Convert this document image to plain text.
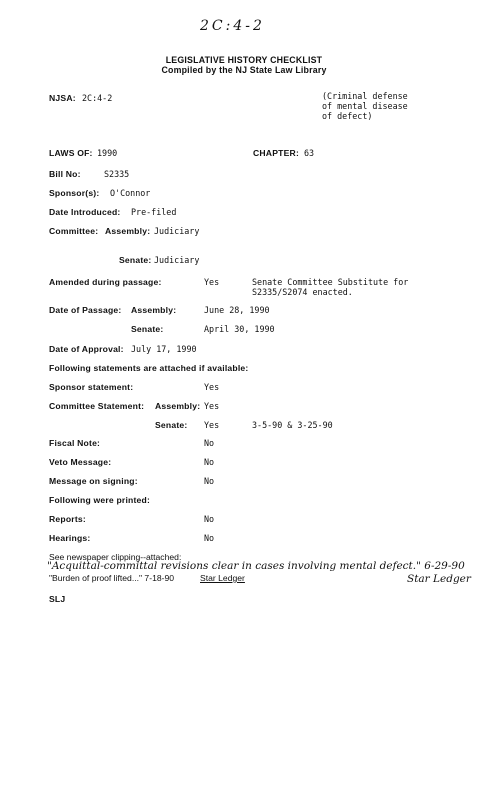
2C:4-2
LEGISLATIVE HISTORY CHECKLIST
Compiled by the NJ State Law Library
NJSA: 2C:4-2	(Criminal defense
of mental disease
of defect)
LAWS OF: 1990	CHAPTER: 63
Bill No:	S2335
Sponsor(s): O'Connor
Date Introduced: Pre-filed
Committee: Assembly: Judiciary
Senate: Judiciary
Amended during passage:	Yes	Senate Committee Substitute for
S2335/S2074 enacted.
Date of Passage: Assembly:	June 28, 1990
Senate:	April 30, 1990
Date of Approval: July 17, 1990
Following statements are attached if available:
Sponsor statement:	Yes
Committee Statement: Assembly: Yes
Senate: Yes	3-5-90 & 3-25-90
Fiscal Note:	No
Veto Message:	No
Message on signing:	No
Following were printed:
Reports:	No
Hearings:	No
See newspaper clipping--attached:
"Acquittal-committal revisions clear in cases involving mental defect." 6-29-90
"Burden of proof lifted..." 7-18-90	Star Ledger	Star Ledger
SLJ
